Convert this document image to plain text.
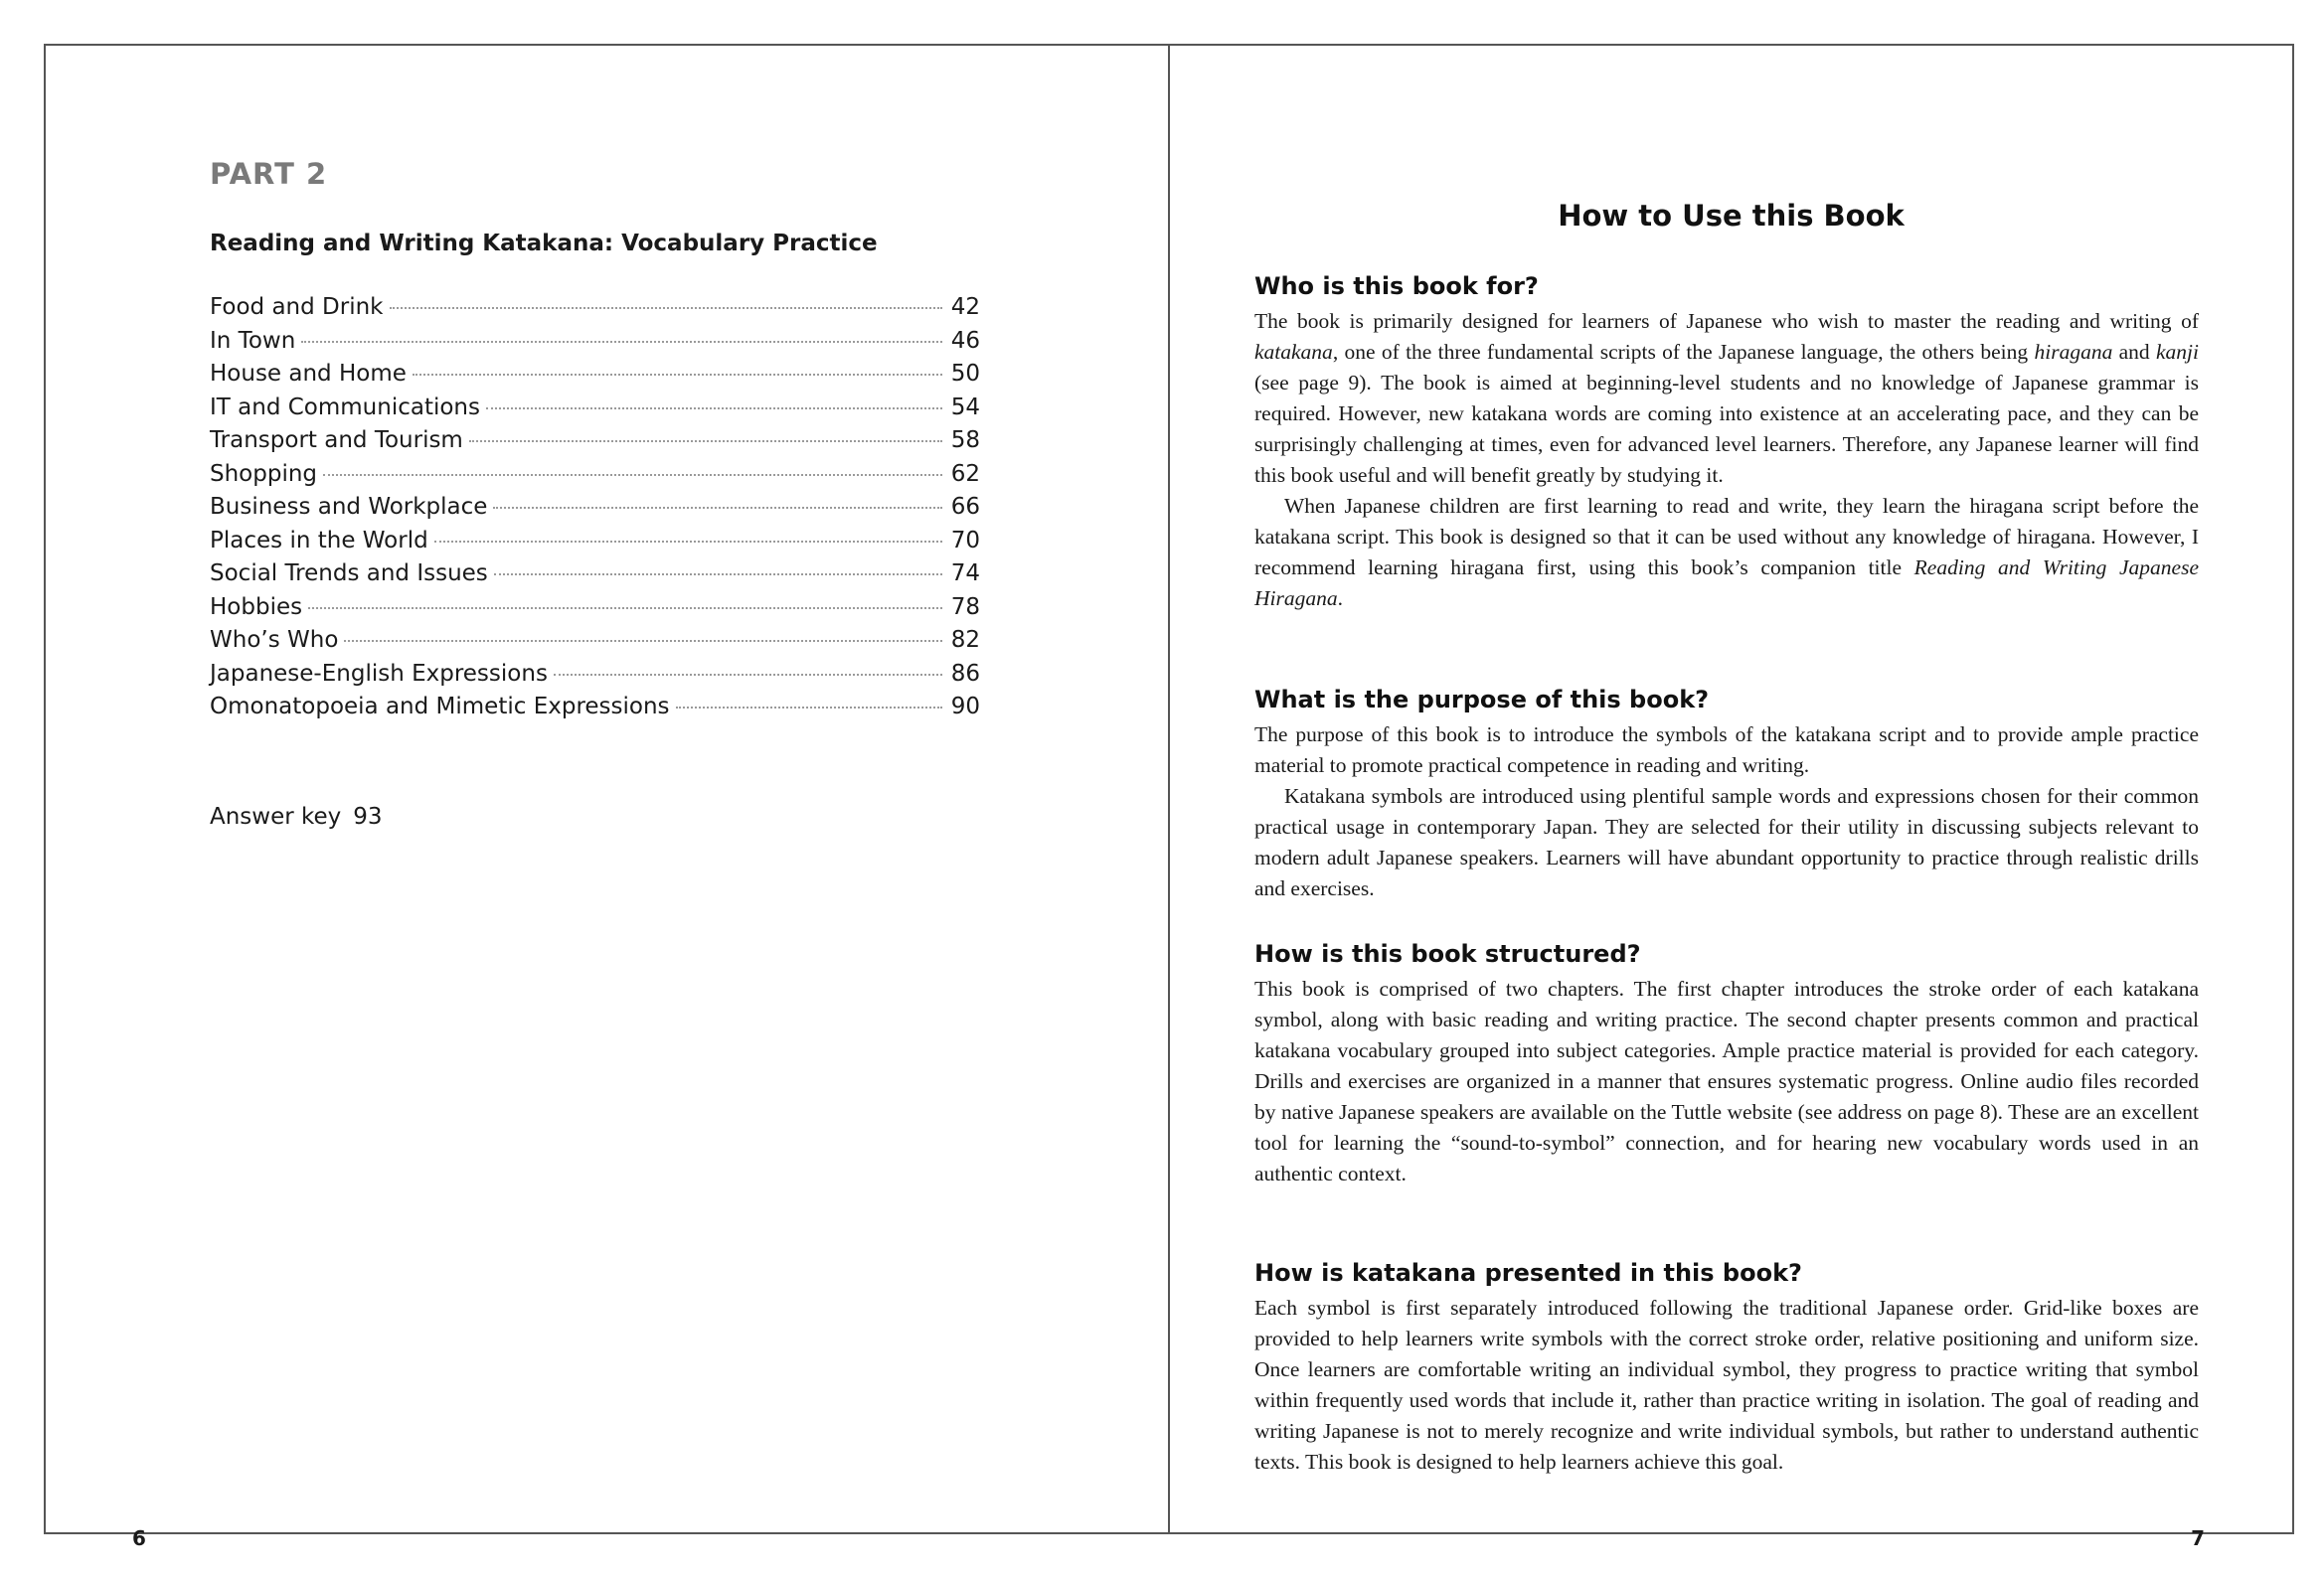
PART 2
Reading and Writing Katakana: Vocabulary Practice
Food and Drink	42
In Town	46
House and Home	50
IT and Communications	54
Transport and Tourism	58
Shopping	62
Business and Workplace	66
Places in the World	70
Social Trends and Issues	74
Hobbies	78
Who’s Who	82
Japanese-English Expressions	86
Omonatopoeia and Mimetic Expressions	90
Answer key 93
6
How to Use this Book
Who is this book for?

The book is primarily designed for learners of Japanese who wish to master the reading and writing of katakana, one of the three fundamental scripts of the Japanese language, the others being hiragana and kanji (see page 9). The book is aimed at beginning-level students and no knowledge of Japanese grammar is required. However, new katakana words are coming into existence at an accelerating pace, and they can be surprisingly challenging at times, even for advanced level learners. Therefore, any Japanese learner will find this book useful and will benefit greatly by studying it.

When Japanese children are first learning to read and write, they learn the hiragana script before the katakana script. This book is designed so that it can be used without any knowledge of hiragana. However, I recommend learning hiragana first, using this book’s companion title Reading and Writing Japanese Hiragana.

What is the purpose of this book?

The purpose of this book is to introduce the symbols of the katakana script and to provide ample practice material to promote practical competence in reading and writing.

Katakana symbols are introduced using plentiful sample words and expressions chosen for their common practical usage in contemporary Japan. They are selected for their utility in discussing subjects relevant to modern adult Japanese speakers. Learners will have abundant opportunity to practice through realistic drills and exercises.

How is this book structured?

This book is comprised of two chapters. The first chapter introduces the stroke order of each katakana symbol, along with basic reading and writing practice. The second chapter presents common and practical katakana vocabulary grouped into subject categories. Ample practice material is provided for each category. Drills and exercises are organized in a manner that ensures systematic progress. Online audio files recorded by native Japanese speakers are available on the Tuttle website (see address on page 8). These are an excellent tool for learning the “sound-to-symbol” connection, and for hearing new vocabulary words used in an authentic context.

How is katakana presented in this book?

Each symbol is first separately introduced following the traditional Japanese order. Grid-like boxes are provided to help learners write symbols with the correct stroke order, relative positioning and uniform size. Once learners are comfortable writing an individual symbol, they progress to practice writing that symbol within frequently used words that include it, rather than practice writing in isolation. The goal of reading and writing Japanese is not to merely recognize and write individual symbols, but rather to understand authentic texts. This book is designed to help learners achieve this goal.

7
